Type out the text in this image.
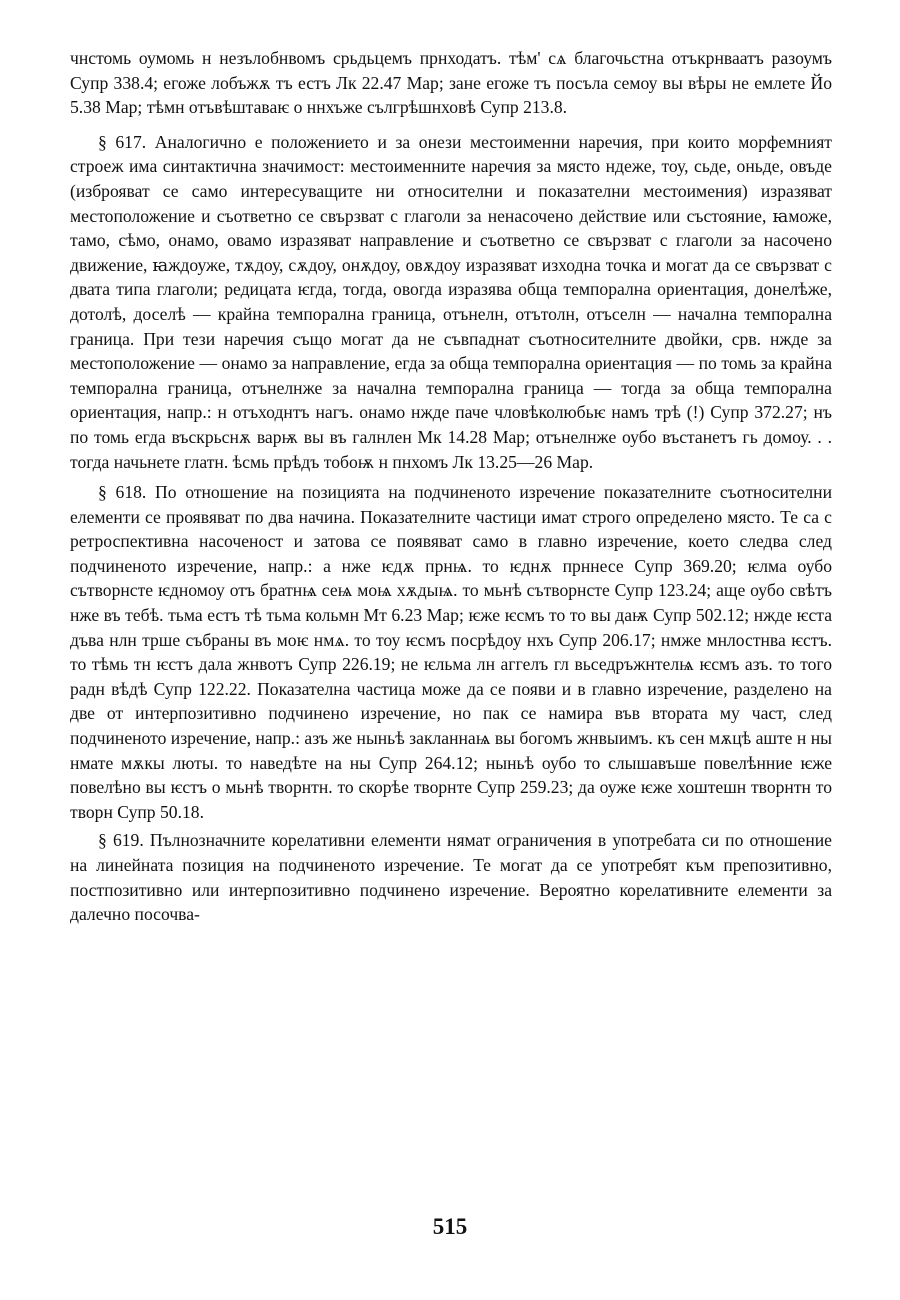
чнстомь оумомь н незълобнвомъ срьдьцемъ прнходатъ. тѣм' сѧ благочьстна отъкрнваатъ разоумъ Супр 338.4; егоже лобъжѫ тъ естъ Лк 22.47 Мар; зане егоже тъ посъла семоу вы вѣры не емлете Йо 5.38 Мар; тѣмн отъвѣштаваѥ о ннхъже сългрѣшнховѣ Супр 213.8.

§ 617. Аналогично е положението и за онези местоименни наречия, при които морфемният строеж има синтактична значимост: местоименните наречия за място ндеже, тоу, сьде, оньде, овъде (изброяват се само интересуващите ни относителни и показателни местоимения) изразяват местоположение и съответно се свързват с глаголи за ненасочено действие или състояние, ꙗможе, тамо, сѣмо, онамо, овамо изразяват направление и съответно се свързват с глаголи за насочено движение, ꙗждоуже, тѫдоу, сѫдоу, онѫдоу, овѫдоу изразяват изходна точка и могат да се свързват с двата типа глаголи; редицата ѥгда, тогда, овогда изразява обща темпорална ориентация, донелѣже, дотолѣ, доселѣ — крайна темпорална граница, отънелн, отътолн, отъселн — начална темпорална граница. При тези наречия също могат да не съвпаднат съотносителните двойки, срв. нжде за местоположение — онамо за направление, егда за обща темпорална ориентация — по томь за крайна темпорална граница, отънелнже за начална темпорална граница — тогда за обща темпорална ориентация, напр.: н отъходнтъ нагъ. онамо нжде паче чловѣколюбьѥ намъ трѣ (!) Супр 372.27; нъ по томь егда въскрьснѫ варѭ вы въ галнлен Мк 14.28 Мар; отънелнже оубо въстанетъ гь домоу. . . тогда начьнете глатн. ѣсмь прѣдъ тобоѭ н пнхомъ Лк 13.25—26 Мар.

§ 618. По отношение на позицията на подчиненото изречение показателните съотносителни елементи се проявяват по два начина. Показателните частици имат строго определено място. Те са с ретроспективна насоченост и затова се появяват само в главно изречение, което следва след подчиненото изречение, напр.: а нже ѥдѫ прнѩ. то ѥднѫ прннесе Супр 369.20; ѥлма оубо сътворнсте ѥдномоу отъ братнѩ сеѩ моѩ хѫдыѩ. то мьнѣ сътворнсте Супр 123.24; аще оубо свѣтъ нже въ тебѣ. тьма естъ тѣ тьма кольмн Мт 6.23 Мар; ѥже ѥсмъ то то вы даѭ Супр 502.12; нжде ѥста дъва нлн тршe събраны въ моѥ нмѧ. то тоу ѥсмъ посрѣдоу нхъ Супр 206.17; нмже мнлостнва ѥстъ. то тѣмь тн ѥстъ дала жнвотъ Супр 226.19; не ѥльма лн аггелъ гл вьседръжнтелѩ ѥсмъ азъ. то того радн вѣдѣ Супр 122.22. Показателна частица може да се появи и в главно изречение, разделено на две от интерпозитивно подчинено изречение, но пак се намира във втората му част, след подчиненото изречение, напр.: азъ же ныньѣ закланнаѩ вы богомъ жнвыимъ. къ сен мѫцѣ аште н ны нмате мѫкы люты. то наведѣте на ны Супр 264.12; ныньѣ оубо то слышавъше повелѣнние ѥже повелѣно вы ѥстъ о мьнѣ творнтн. то скорѣе творнте Супр 259.23; да оуже ѥже хоштешн творнтн то творн Супр 50.18.

§ 619. Пълнозначните корелативни елементи нямат ограничения в употребата си по отношение на линейната позиция на подчиненото изречение. Те могат да се употребят към препозитивно, постпозитивно или интерпозитивно подчинено изречение. Вероятно корелативните елементи за далечно посочва-

515
